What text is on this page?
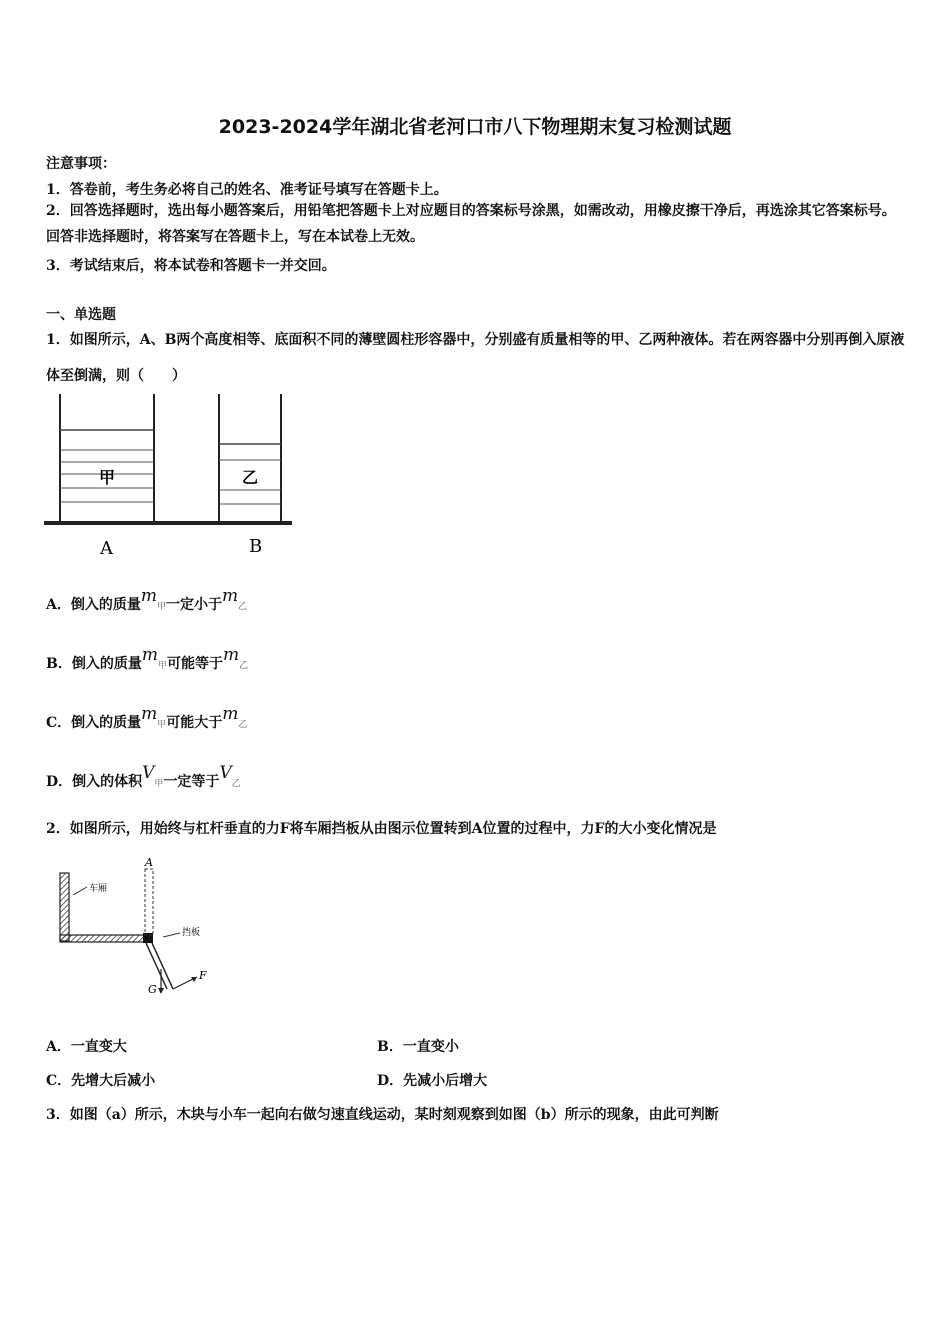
2023-2024学年湖北省老河口市八下物理期末复习检测试题
注意事项：
1．答卷前，考生务必将自己的姓名、准考证号填写在答题卡上。
2．回答选择题时，选出每小题答案后，用铅笔把答题卡上对应题目的答案标号涂黑，如需改动，用橡皮擦干净后，再选涂其它答案标号。回答非选择题时，将答案写在答题卡上，写在本试卷上无效。
3．考试结束后，将本试卷和答题卡一并交回。
一、单选题
1．如图所示，A、B两个高度相等、底面积不同的薄壁圆柱形容器中，分别盛有质量相等的甲、乙两种液体。若在两容器中分别再倒入原液体至倒满，则（　　）
甲	乙
A	B
A．倒入的质量m甲一定小于m乙
B．倒入的质量m甲可能等于m乙
C．倒入的质量m甲可能大于m乙
D．倒入的体积V甲一定等于V乙
2．如图所示，用始终与杠杆垂直的力F将车厢挡板从由图示位置转到A位置的过程中，力F的大小变化情况是
A
车厢
挡板
F
G
A．一直变大	B．一直变小
C．先增大后减小	D．先减小后增大
3．如图（a）所示，木块与小车一起向右做匀速直线运动，某时刻观察到如图（b）所示的现象，由此可判断
